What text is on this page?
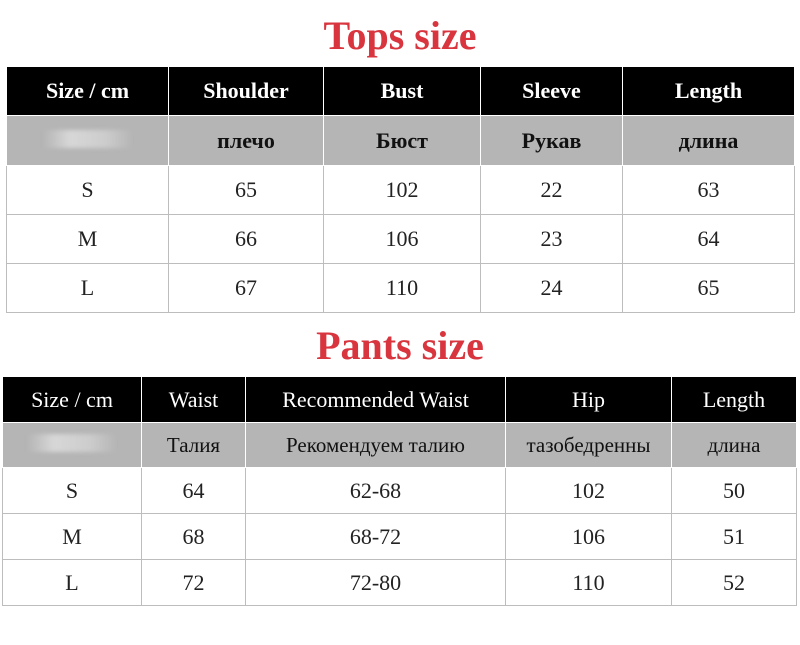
Tops size
Size / cm	Shoulder	Bust	Sleeve	Length
	плечо	Бюст	Рукав	длина
S	65	102	22	63
M	66	106	23	64
L	67	110	24	65
Pants size
Size / cm	Waist	Recommended Waist	Hip	Length
	Талия	Рекомендуем талию	тазобедренны	длина
S	64	62-68	102	50
M	68	68-72	106	51
L	72	72-80	110	52
